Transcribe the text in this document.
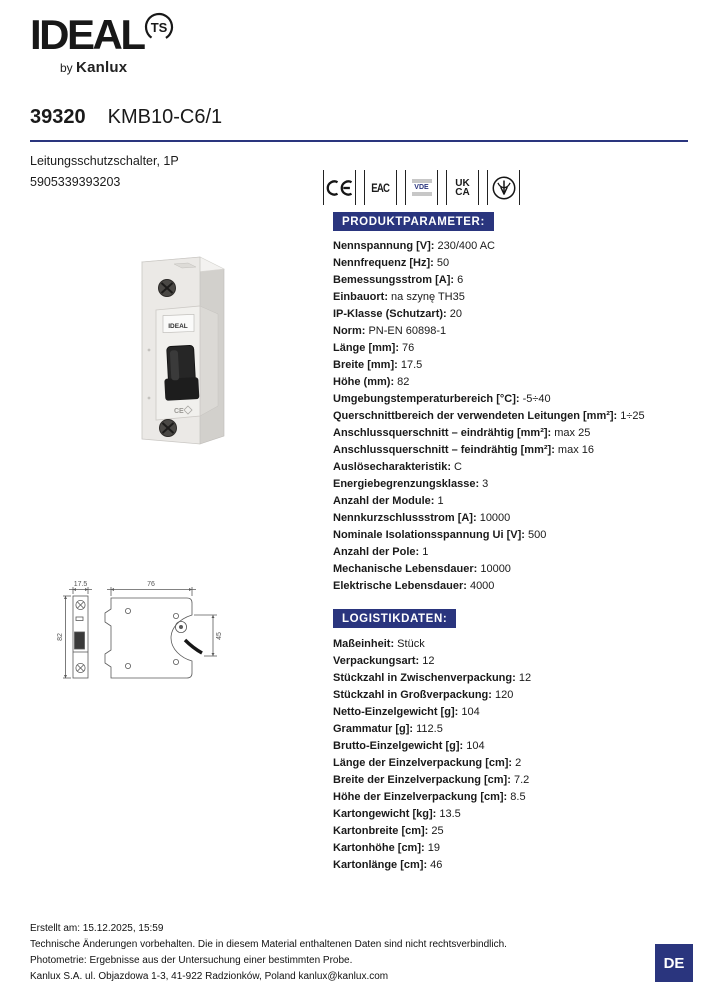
IDEAL TS
by Kanlux
39320 KMB10-C6/1
Leitungsschutzschalter, 1P
5905339393203	EAC	VDE	UK
CA
PRODUKTPARAMETER:
Nennspannung [V]: 230/400 AC
Nennfrequenz [Hz]: 50
Bemessungsstrom [A]: 6
Einbauort: na szynę TH35
IP-Klasse (Schutzart): 20
Norm: PN-EN 60898-1
Länge [mm]: 76
Breite [mm]: 17.5
Höhe (mm): 82
Umgebungstemperaturbereich [°C]: -5÷40
Querschnittbereich der verwendeten Leitungen [mm²]: 1÷25
Anschlussquerschnitt – eindrähtig [mm²]: max 25
Anschlussquerschnitt – feindrähtig [mm²]: max 16
Auslösecharakteristik: C
Energiebegrenzungsklasse: 3
Anzahl der Module: 1
Nennkurzschlussstrom [A]: 10000
Nominale Isolationsspannung Ui [V]: 500
Anzahl der Pole: 1
Mechanische Lebensdauer: 10000
Elektrische Lebensdauer: 4000
LOGISTIKDATEN:
Maßeinheit: Stück
Verpackungsart: 12
Stückzahl in Zwischenverpackung: 12
Stückzahl in Großverpackung: 120
Netto-Einzelgewicht [g]: 104
Grammatur [g]: 112.5
Brutto-Einzelgewicht [g]: 104
Länge der Einzelverpackung [cm]: 2
Breite der Einzelverpackung [cm]: 7.2
Höhe der Einzelverpackung [cm]: 8.5
Kartongewicht [kg]: 13.5
Kartonbreite [cm]: 25
Kartonhöhe [cm]: 19
Kartonlänge [cm]: 46
IDEAL
CE
17.5
82
76
45
Erstellt am: 15.12.2025, 15:59
Technische Änderungen vorbehalten. Die in diesem Material enthaltenen Daten sind nicht rechtsverbindlich.
Photometrie: Ergebnisse aus der Untersuchung einer bestimmten Probe.
Kanlux S.A. ul. Objazdowa 1-3, 41-922 Radzionków, Poland kanlux@kanlux.com
DE
